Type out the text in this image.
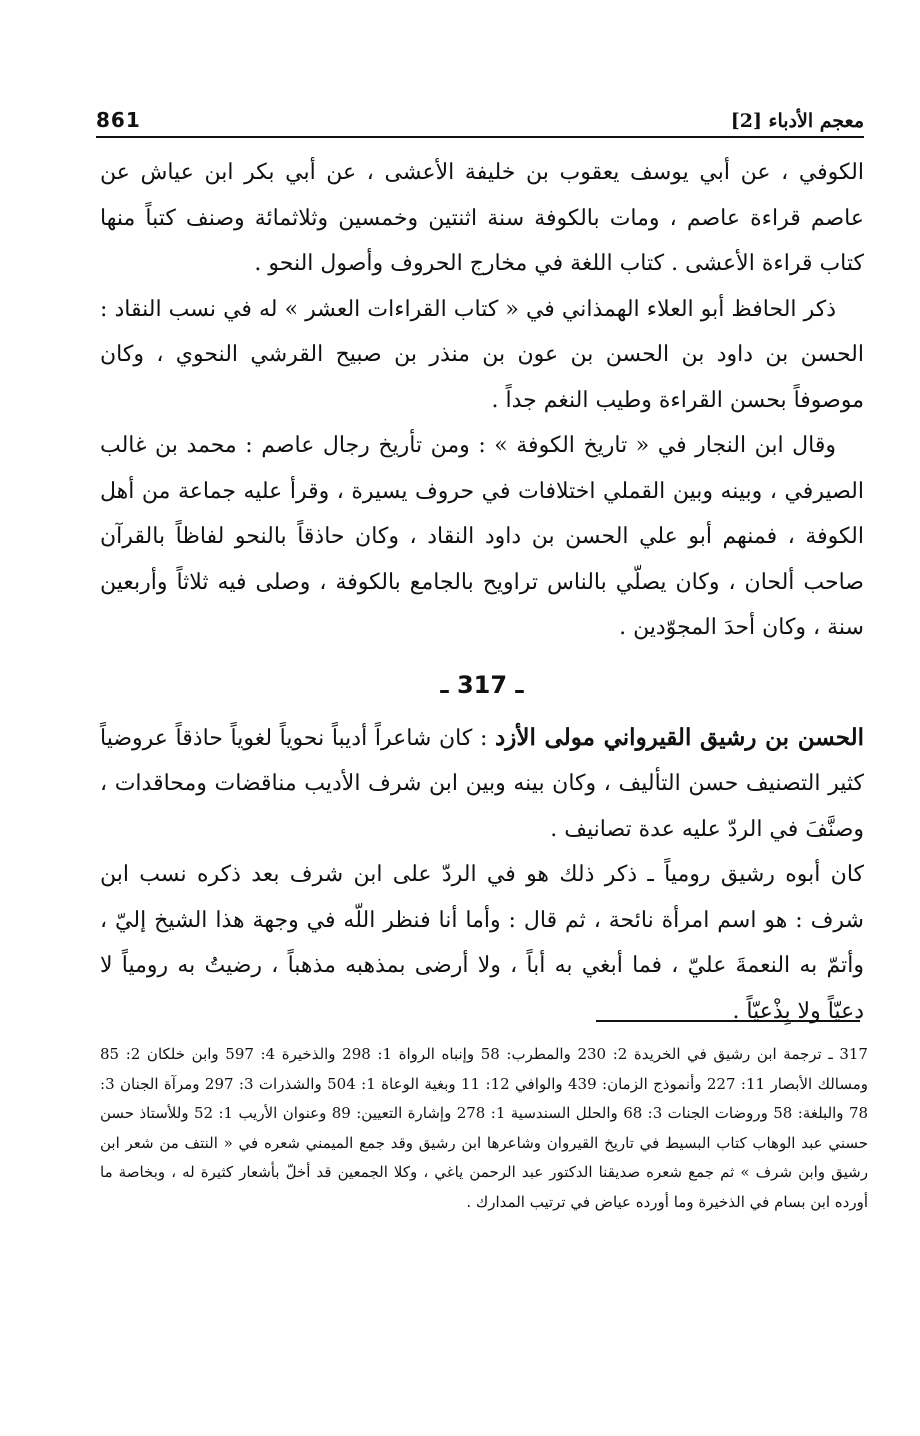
861	معجم الأدباء [2]

الكوفي ، عن أبي يوسف يعقوب بن خليفة الأعشى ، عن أبي بكر ابن عياش عن عاصم قراءة عاصم ، ومات بالكوفة سنة اثنتين وخمسين وثلاثمائة وصنف كتباً منها كتاب قراءة الأعشى . كتاب اللغة في مخارج الحروف وأصول النحو .

ذكر الحافظ أبو العلاء الهمذاني في « كتاب القراءات العشر » له في نسب النقاد : الحسن بن داود بن الحسن بن عون بن منذر بن صبيح القرشي النحوي ، وكان موصوفاً بحسن القراءة وطيب النغم جداً .

وقال ابن النجار في « تاريخ الكوفة » : ومن تأريخ رجال عاصم : محمد بن غالب الصيرفي ، وبينه وبين القملي اختلافات في حروف يسيرة ، وقرأ عليه جماعة من أهل الكوفة ، فمنهم أبو علي الحسن بن داود النقاد ، وكان حاذقاً بالنحو لفاظاً بالقرآن صاحب ألحان ، وكان يصلّي بالناس تراويح بالجامع بالكوفة ، وصلى فيه ثلاثاً وأربعين سنة ، وكان أحدَ المجوّدين .

ـ 317 ـ

الحسن بن رشيق القيرواني مولى الأزد : كان شاعراً أديباً نحوياً لغوياً حاذقاً عروضياً كثير التصنيف حسن التأليف ، وكان بينه وبين ابن شرف الأديب مناقضات ومحاقدات ، وصنَّفَ في الردّ عليه عدة تصانيف .

كان أبوه رشيق رومياً ـ ذكر ذلك هو في الردّ على ابن شرف بعد ذكره نسب ابن شرف : هو اسم امرأة نائحة ، ثم قال : وأما أنا فنظر اللّه في وجهة هذا الشيخ إليّ ، وأتمّ به النعمةَ عليّ ، فما أبغي به أباً ، ولا أرضى بمذهبه مذهباً ، رضيتُ به رومياً لا دعيّاً ولا بِذْعيّاً .

317 ـ ترجمة ابن رشيق في الخريدة 2: 230 والمطرب: 58 وإنباه الرواة 1: 298 والذخيرة 4: 597 وابن خلكان 2: 85 ومسالك الأبصار 11: 227 وأنموذج الزمان: 439 والوافي 12: 11 وبغية الوعاة 1: 504 والشذرات 3: 297 ومرآة الجنان 3: 78 والبلغة: 58 وروضات الجنات 3: 68 والحلل السندسية 1: 278 وإشارة التعيين: 89 وعنوان الأريب 1: 52 وللأستاذ حسن حسني عبد الوهاب كتاب البسيط في تاريخ القيروان وشاعرها ابن رشيق وقد جمع الميمني شعره في « النتف من شعر ابن رشيق وابن شرف » ثم جمع شعره صديقنا الدكتور عبد الرحمن ياغي ، وكلا الجمعين قد أخلّ بأشعار كثيرة له ، وبخاصة ما أورده ابن بسام في الذخيرة وما أورده عياض في ترتيب المدارك .
